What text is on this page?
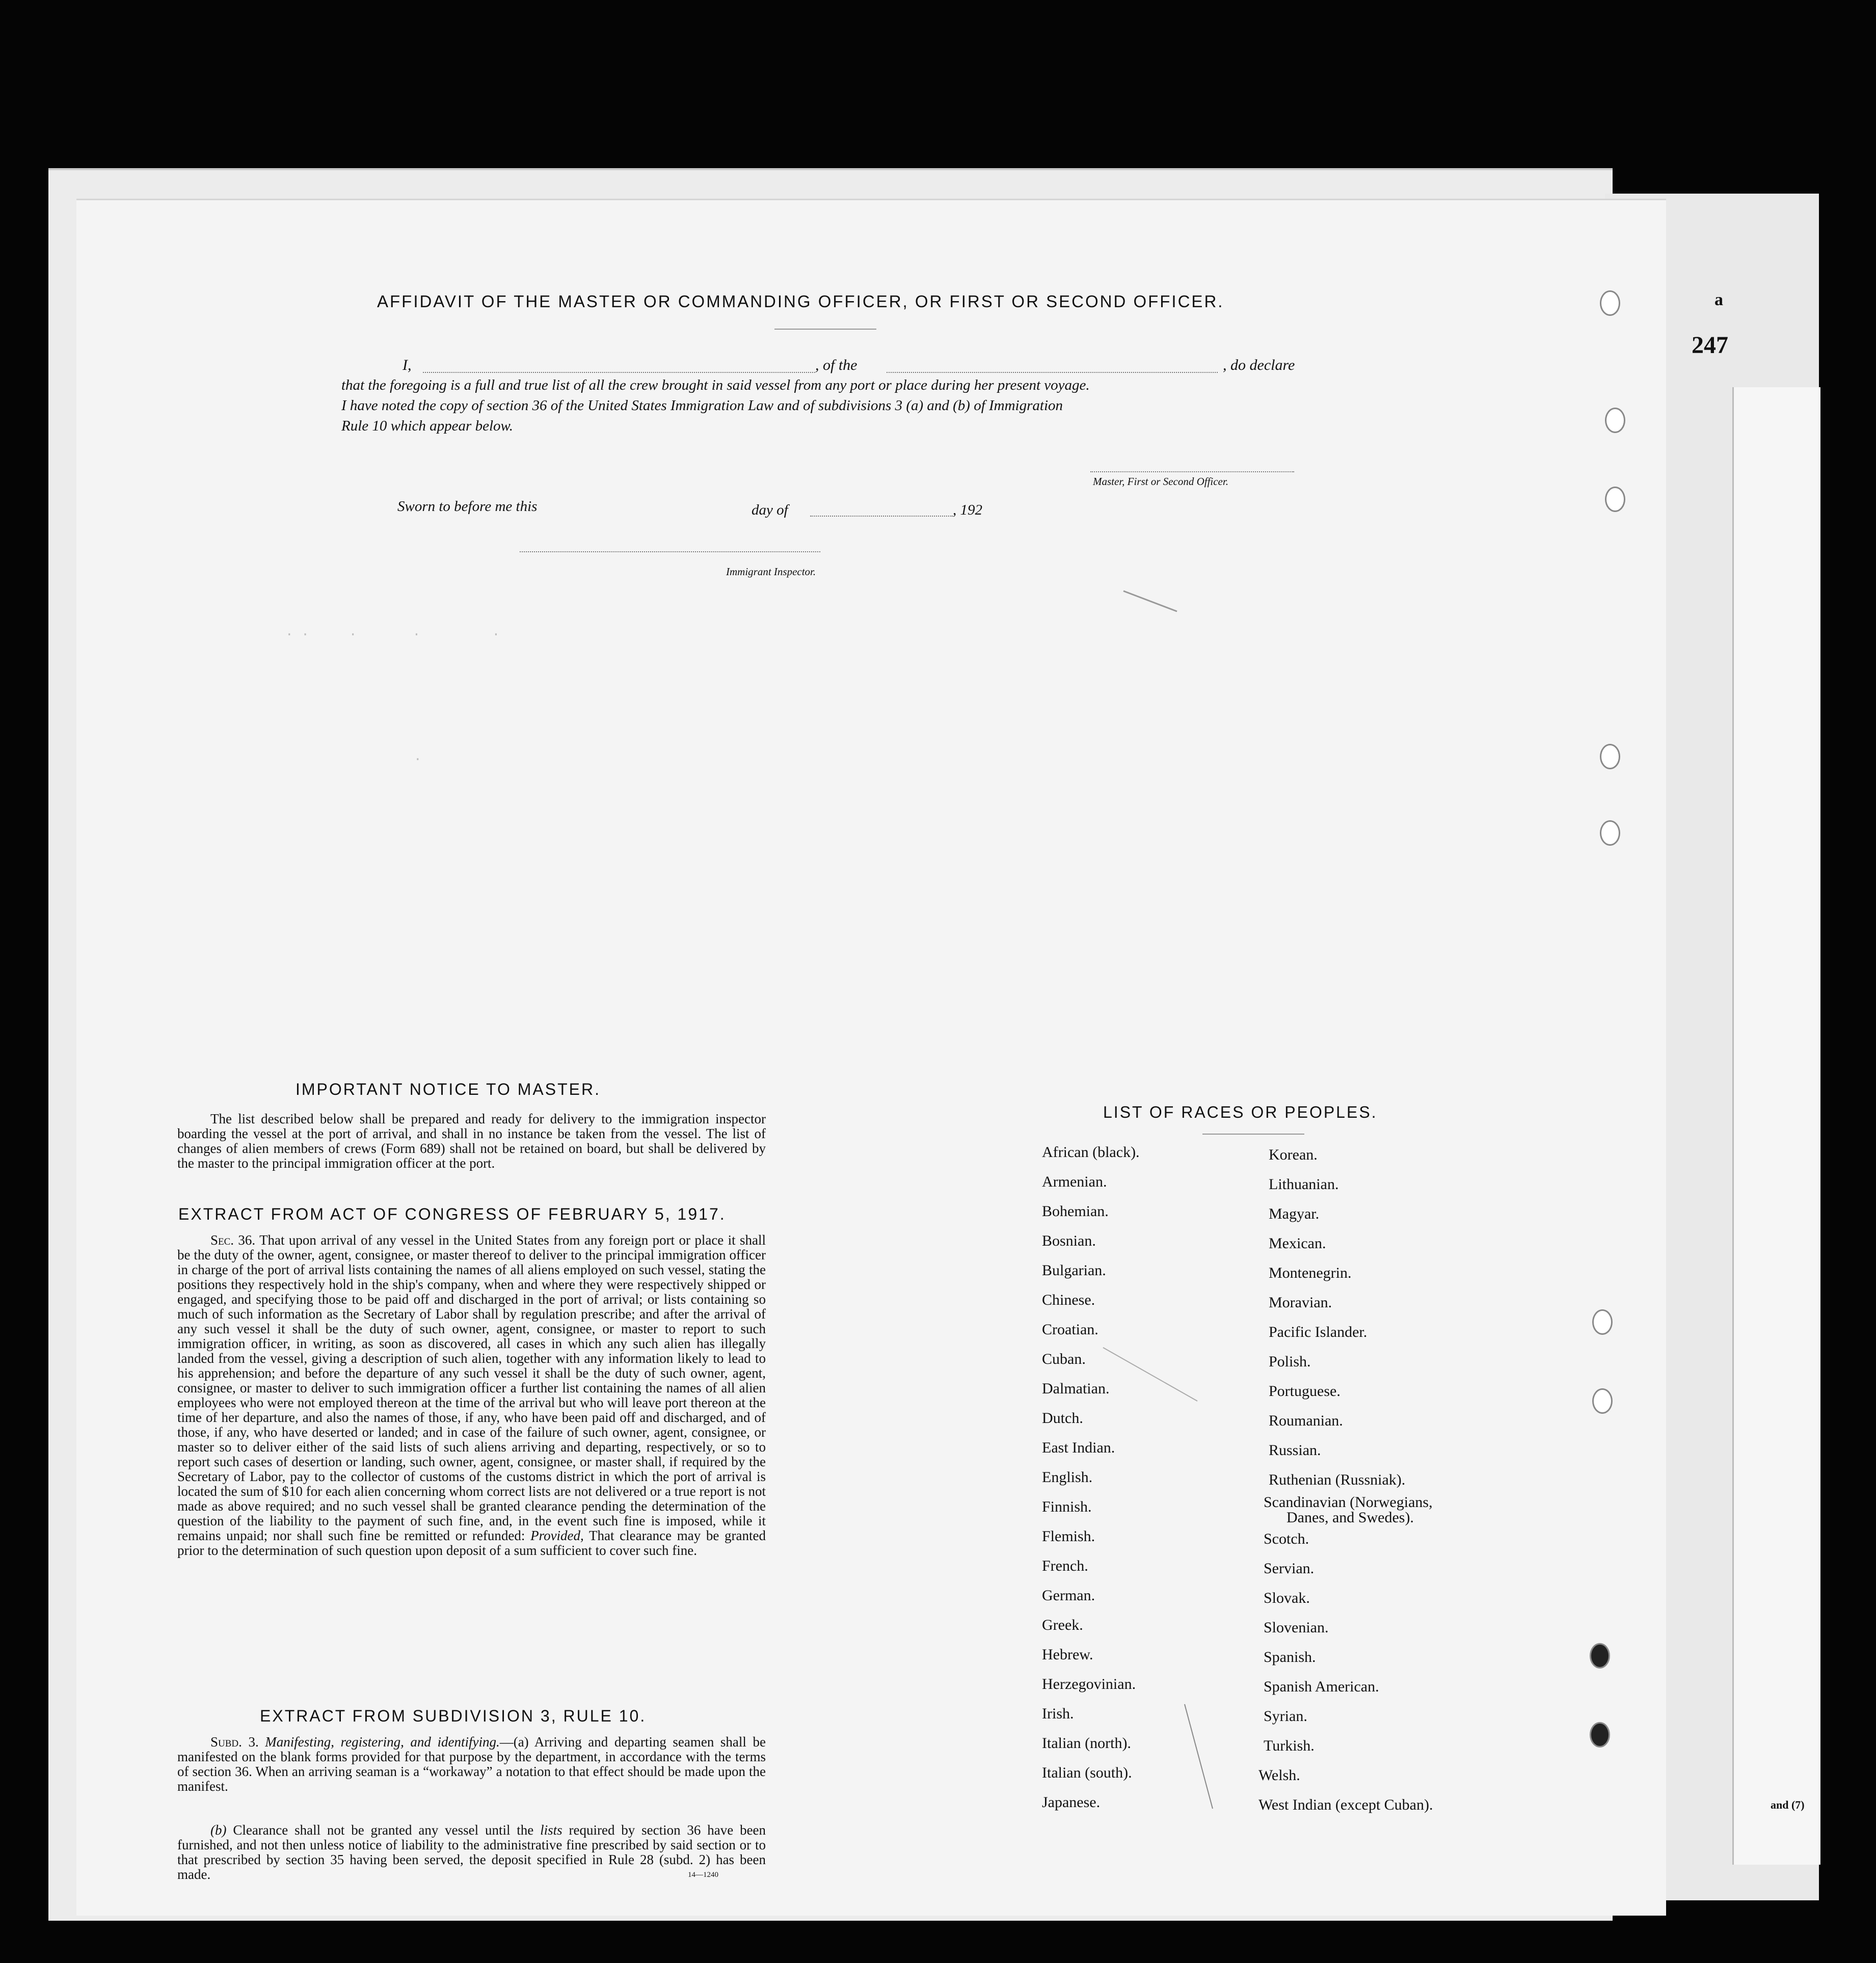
a
247
and (7)
. .     .       .         .
.
AFFIDAVIT OF THE MASTER OR COMMANDING OFFICER, OR FIRST OR SECOND OFFICER.
I,	, of the	, do declare
that the foregoing is a full and true list of all the crew brought in said vessel from any port or place during her present voyage.
I have noted the copy of section 36 of the United States Immigration Law and of subdivisions 3 (a) and (b) of Immigration
Rule 10 which appear below.
Master, First or Second Officer.
Sworn to before me this	day of	, 192
Immigrant Inspector.
IMPORTANT NOTICE TO MASTER.
The list described below shall be prepared and ready for delivery to the immigration inspector boarding the vessel at the port of arrival, and shall in no instance be taken from the vessel. The list of changes of alien members of crews (Form 689) shall not be retained on board, but shall be delivered by the master to the principal immigration officer at the port.
EXTRACT FROM ACT OF CONGRESS OF FEBRUARY 5, 1917.
Sec. 36. That upon arrival of any vessel in the United States from any foreign port or place it shall be the duty of the owner, agent, consignee, or master thereof to deliver to the principal immigration officer in charge of the port of arrival lists containing the names of all aliens employed on such vessel, stating the positions they respectively hold in the ship's company, when and where they were respectively shipped or engaged, and specifying those to be paid off and discharged in the port of arrival; or lists containing so much of such information as the Secretary of Labor shall by regulation prescribe; and after the arrival of any such vessel it shall be the duty of such owner, agent, consignee, or master to report to such immigration officer, in writing, as soon as discovered, all cases in which any such alien has illegally landed from the vessel, giving a description of such alien, together with any information likely to lead to his apprehension; and before the departure of any such vessel it shall be the duty of such owner, agent, consignee, or master to deliver to such immigration officer a further list containing the names of all alien employees who were not employed thereon at the time of the arrival but who will leave port thereon at the time of her departure, and also the names of those, if any, who have been paid off and discharged, and of those, if any, who have deserted or landed; and in case of the failure of such owner, agent, consignee, or master so to deliver either of the said lists of such aliens arriving and departing, respectively, or so to report such cases of desertion or landing, such owner, agent, consignee, or master shall, if required by the Secretary of Labor, pay to the collector of customs of the customs district in which the port of arrival is located the sum of $10 for each alien concerning whom correct lists are not delivered or a true report is not made as above required; and no such vessel shall be granted clearance pending the determination of the question of the liability to the payment of such fine, and, in the event such fine is imposed, while it remains unpaid; nor shall such fine be remitted or refunded: Provided, That clearance may be granted prior to the determination of such question upon deposit of a sum sufficient to cover such fine.
EXTRACT FROM SUBDIVISION 3, RULE 10.
Subd. 3. Manifesting, registering, and identifying.—(a) Arriving and departing seamen shall be manifested on the blank forms provided for that purpose by the department, in accordance with the terms of section 36. When an arriving seaman is a “workaway” a notation to that effect should be made upon the manifest.
(b) Clearance shall not be granted any vessel until the lists required by section 36 have been furnished, and not then unless notice of liability to the administrative fine prescribed by said section or to that prescribed by section 35 having been served, the deposit specified in Rule 28 (subd. 2) has been made.	14—1240
LIST OF RACES OR PEOPLES.
African (black).
Armenian.
Bohemian.
Bosnian.
Bulgarian.
Chinese.
Croatian.
Cuban.
Dalmatian.
Dutch.
East Indian.
English.
Finnish.
Flemish.
French.
German.
Greek.
Hebrew.
Herzegovinian.
Irish.
Italian (north).
Italian (south).
Japanese.
Korean.
Lithuanian.
Magyar.
Mexican.
Montenegrin.
Moravian.
Pacific Islander.
Polish.
Portuguese.
Roumanian.
Russian.
Ruthenian (Russniak).
Scandinavian (Norwegians,
Danes, and Swedes).
Scotch.
Servian.
Slovak.
Slovenian.
Spanish.
Spanish American.
Syrian.
Turkish.
Welsh.
West Indian (except Cuban).
